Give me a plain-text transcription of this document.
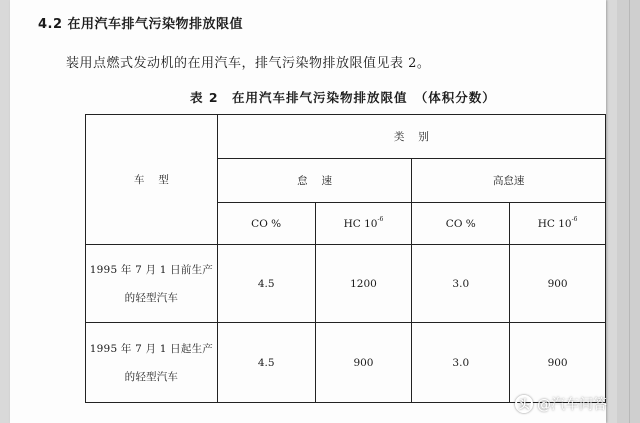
4.2 在用汽车排气污染物排放限值
装用点燃式发动机的在用汽车，排气污染物排放限值见表 2。
表 2　在用汽车排气污染物排放限值　（体积分数）
车型	类别			
	怠速		高怠速	
	CO %	HC $10^{-6}$	CO %	HC $10^{-6}$

1995 年 7 月 1 日前生产
的轻型汽车	4.5	1200	3.0	900

1995 年 7 月 1 日起生产
的轻型汽车	4.5	900	3.0	900
头 @汽车问答
